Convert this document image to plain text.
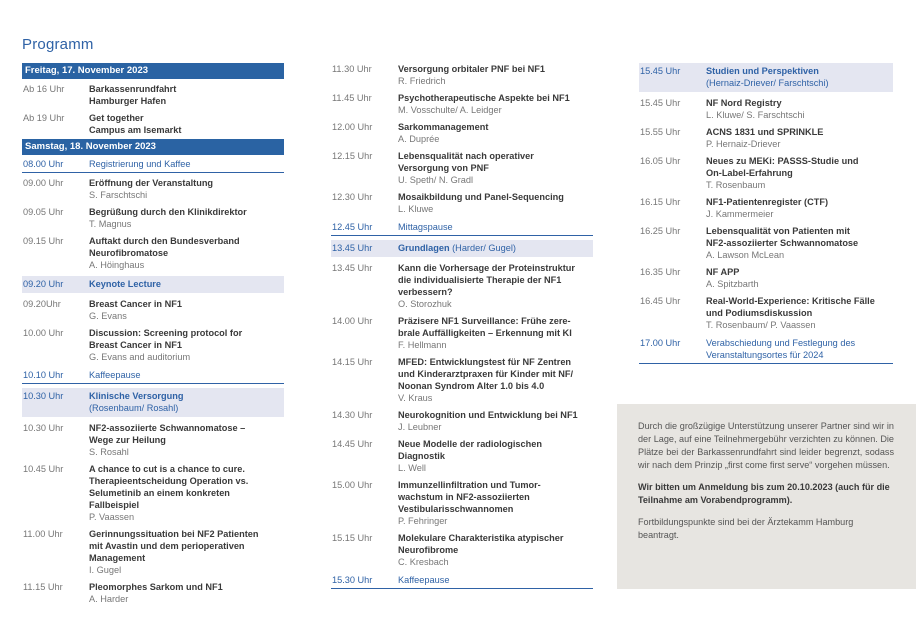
Programm
Freitag, 17. November 2023
Ab 16 Uhr	Barkassenrundfahrt
Hamburger Hafen
Ab 19 Uhr	Get together
Campus am Isemarkt
Samstag, 18. November 2023
08.00 Uhr	Registrierung und Kaffee
09.00 Uhr	Eröffnung der Veranstaltung
S. Farschtschi
09.05 Uhr	Begrüßung durch den Klinikdirektor
T. Magnus
09.15 Uhr	Auftakt durch den Bundesverband
Neurofibromatose
A. Höinghaus
09.20 Uhr	Keynote Lecture
09.20Uhr	Breast Cancer in NF1
G. Evans
10.00 Uhr	Discussion: Screening protocol for
Breast Cancer in NF1
G. Evans and auditorium
10.10 Uhr	Kaffeepause
10.30 Uhr	Klinische Versorgung
(Rosenbaum/ Rosahl)
10.30 Uhr	NF2-assoziierte Schwannomatose –
Wege zur Heilung
S. Rosahl
10.45 Uhr	A chance to cut is a chance to cure.
Therapieentscheidung Operation vs.
Selumetinib an einem konkreten
Fallbeispiel
P. Vaassen
11.00 Uhr	Gerinnungssituation bei NF2 Patienten
mit Avastin und dem perioperativen
Management
I. Gugel
11.15 Uhr	Pleomorphes Sarkom und NF1
A. Harder
11.30 Uhr	Versorgung orbitaler PNF bei NF1
R. Friedrich
11.45 Uhr	Psychotherapeutische Aspekte bei NF1
M. Vosschulte/ A. Leidger
12.00 Uhr	Sarkommanagement
A. Duprée
12.15 Uhr	Lebensqualität nach operativer
Versorgung von PNF
U. Speth/ N. Gradl
12.30 Uhr	Mosaikbildung und Panel-Sequencing
L. Kluwe
12.45 Uhr	Mittagspause
13.45 Uhr	Grundlagen (Harder/ Gugel)
13.45 Uhr	Kann die Vorhersage der Proteinstruktur
die individualisierte Therapie der NF1
verbessern?
O. Storozhuk
14.00 Uhr	Präzisere NF1 Surveillance: Frühe zere-
brale Auffälligkeiten – Erkennung mit KI
F. Hellmann
14.15 Uhr	MFED: Entwicklungstest für NF Zentren
und Kinderarztpraxen für Kinder mit NF/
Noonan Syndrom Alter 1.0 bis 4.0
V. Kraus
14.30 Uhr	Neurokognition und Entwicklung bei NF1
J. Leubner
14.45 Uhr	Neue Modelle der radiologischen
Diagnostik
L. Well
15.00 Uhr	Immunzellinfiltration und Tumor-
wachstum in NF2-assoziierten
Vestibularisschwannomen
P. Fehringer
15.15 Uhr	Molekulare Charakteristika atypischer
Neurofibrome
C. Kresbach
15.30 Uhr	Kaffeepause
15.45 Uhr	Studien und Perspektiven
(Hernaiz-Driever/ Farschtschi)
15.45 Uhr	NF Nord Registry
L. Kluwe/ S. Farschtschi
15.55 Uhr	ACNS 1831 und SPRINKLE
P. Hernaiz-Driever
16.05 Uhr	Neues zu MEKi: PASSS-Studie und
On-Label-Erfahrung
T. Rosenbaum
16.15 Uhr	NF1-Patientenregister (CTF)
J. Kammermeier
16.25 Uhr	Lebensqualität von Patienten mit
NF2-assoziierter Schwannomatose
A. Lawson McLean
16.35 Uhr	NF APP
A. Spitzbarth
16.45 Uhr	Real-World-Experience: Kritische Fälle
und Podiumsdiskussion
T. Rosenbaum/ P. Vaassen
17.00 Uhr	Verabschiedung und Festlegung des
Veranstaltungsortes für 2024

Durch die großzügige Unterstützung unserer Partner sind wir in der Lage, auf eine Teilnehmergebühr verzichten zu können. Die Plätze bei der Barkassenrundfahrt sind leider begrenzt, sodass wir nach dem Prinzip „first come first serve“ vorgehen müssen.

Wir bitten um Anmeldung bis zum 20.10.2023 (auch für die Teilnahme am Vorabendprogramm).

Fortbildungspunkte sind bei der Ärztekamm Hamburg beantragt.
